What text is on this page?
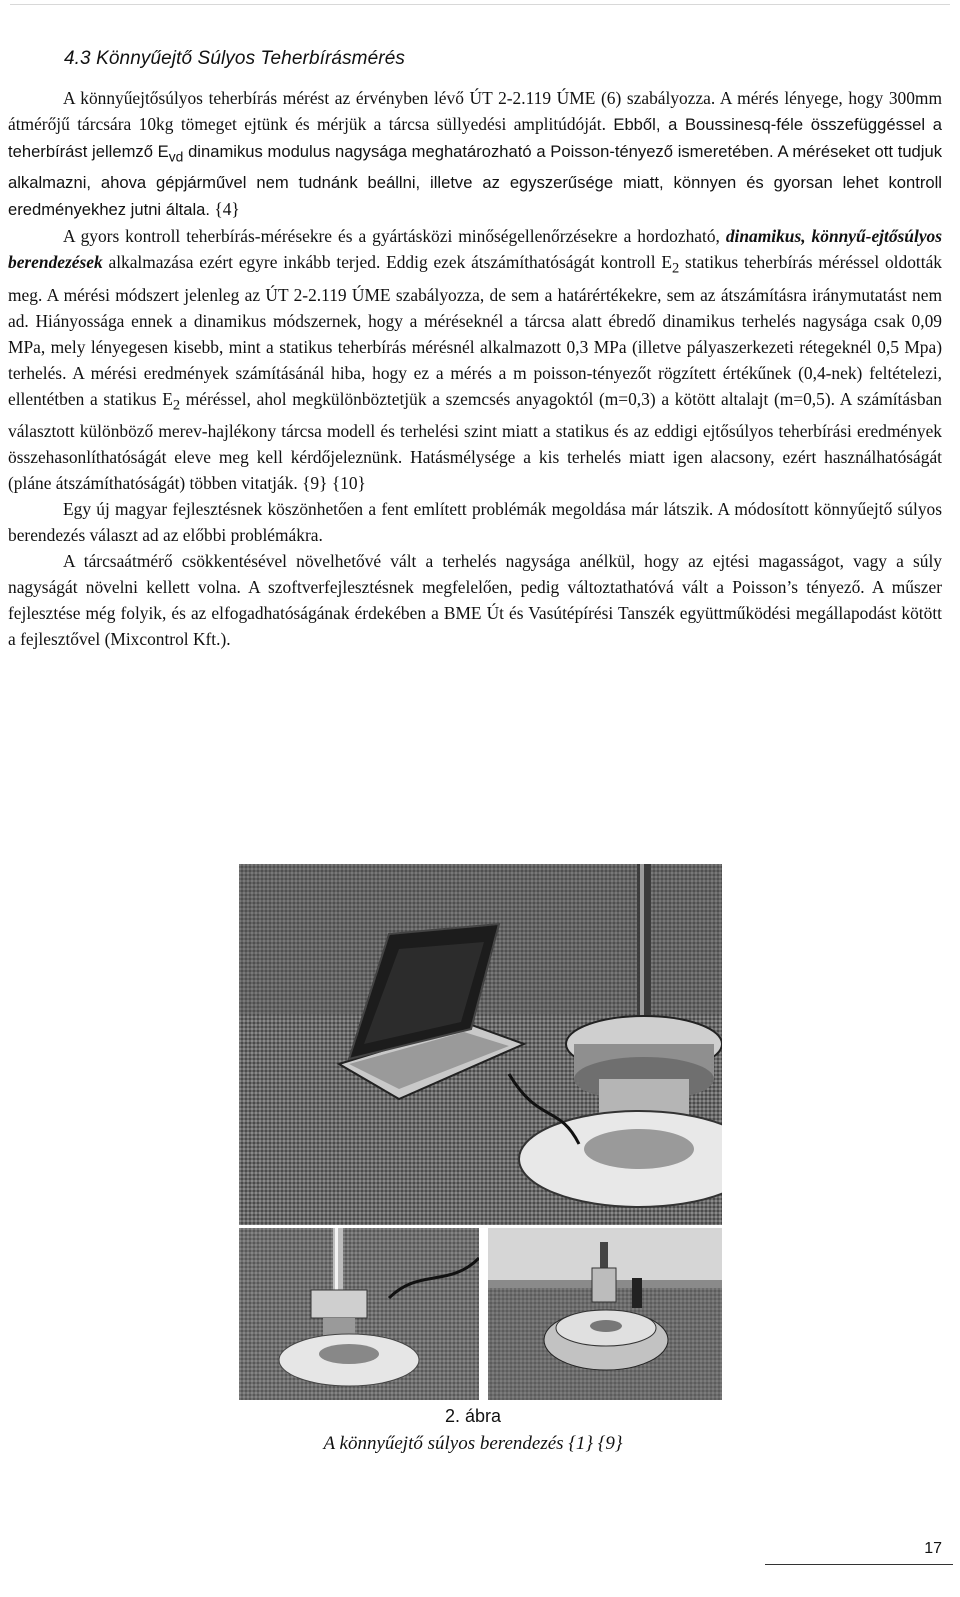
4.3 Könnyűejtő Súlyos Teherbírásmérés

A könnyűejtősúlyos teherbírás mérést az érvényben lévő ÚT 2-2.119 ÚME (6) szabályozza. A mérés lényege, hogy 300mm átmérőjű tárcsára 10kg tömeget ejtünk és mérjük a tárcsa süllyedési amplitúdóját. Ebből, a Boussinesq-féle összefüggéssel a teherbírást jellemző $E_{vd}$ dinamikus modulus nagysága meghatározható a Poisson-tényező ismeretében. A méréseket ott tudjuk alkalmazni, ahova gépjárművel nem tudnánk beállni, illetve az egyszerűsége miatt, könnyen és gyorsan lehet kontroll eredményekhez jutni általa. {4}

A gyors kontroll teherbírás-mérésekre és a gyártásközi minőségellenőrzésekre a hordozható, dinamikus, könnyű-ejtősúlyos berendezések alkalmazása ezért egyre inkább terjed. Eddig ezek átszámíthatóságát kontroll $E_2$ statikus teherbírás méréssel oldották meg. A mérési módszert jelenleg az ÚT 2-2.119 ÚME szabályozza, de sem a határértékekre, sem az átszámításra iránymutatást nem ad. Hiányossága ennek a dinamikus módszernek, hogy a méréseknél a tárcsa alatt ébredő dinamikus terhelés nagysága csak 0,09 MPa, mely lényegesen kisebb, mint a statikus teherbírás mérésnél alkalmazott 0,3 MPa (illetve pályaszerkezeti rétegeknél 0,5 Mpa) terhelés. A mérési eredmények számításánál hiba, hogy ez a mérés a m poisson-tényezőt rögzített értékűnek (0,4-nek) feltételezi, ellentétben a statikus $E_2$ méréssel, ahol megkülönböztetjük a szemcsés anyagoktól (m=0,3) a kötött altalajt (m=0,5). A számításban választott különböző merev-hajlékony tárcsa modell és terhelési szint miatt a statikus és az eddigi ejtősúlyos teherbírási eredmények összehasonlíthatóságát eleve meg kell kérdőjeleznünk. Hatásmélysége a kis terhelés miatt igen alacsony, ezért használhatóságát (pláne átszámíthatóságát) többen vitatják. {9} {10}

Egy új magyar fejlesztésnek köszönhetően a fent említett problémák megoldása már látszik. A módosított könnyűejtő súlyos berendezés választ ad az előbbi problémákra.

A tárcsaátmérő csökkentésével növelhetővé vált a terhelés nagysága anélkül, hogy az ejtési magasságot, vagy a súly nagyságát növelni kellett volna. A szoftverfejlesztésnek megfelelően, pedig változtathatóvá vált a Poisson’s tényező. A műszer fejlesztése még folyik, és az elfogadhatóságának érdekében a BME Út és Vasútépírési Tanszék együttműködési megállapodást kötött a fejlesztővel (Mixcontrol Kft.).

2. ábra
A könnyűejtő súlyos berendezés {1} {9}
17
